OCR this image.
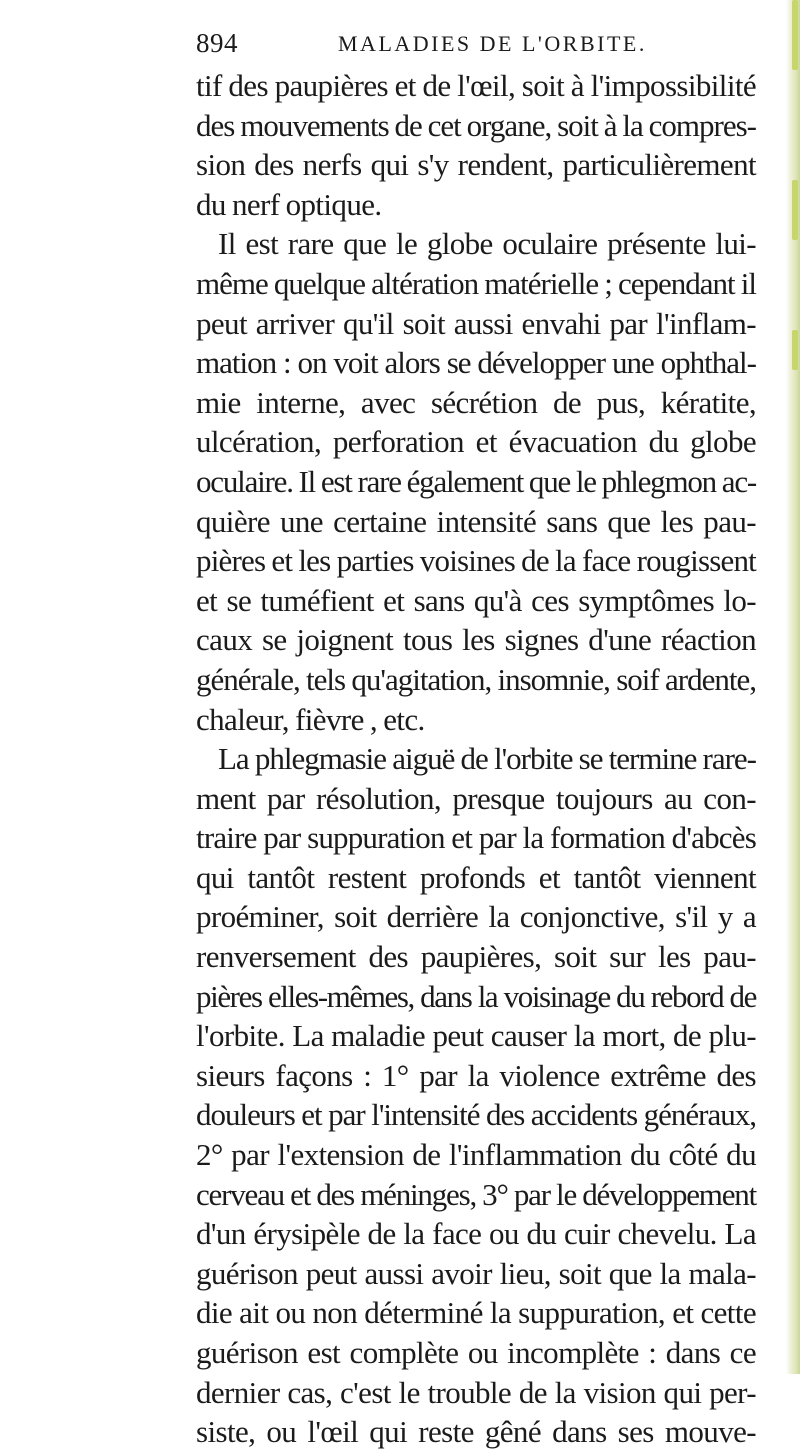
894	MALADIES DE L'ORBITE.
tif des paupières et de l'œil, soit à l'impossibilité
des mouvements de cet organe, soit à la compres-
sion des nerfs qui s'y rendent, particulièrement
du nerf optique.
Il est rare que le globe oculaire présente lui-
même quelque altération matérielle ; cependant il
peut arriver qu'il soit aussi envahi par l'inflam-
mation : on voit alors se développer une ophthal-
mie interne, avec sécrétion de pus, kératite,
ulcération, perforation et évacuation du globe
oculaire. Il est rare également que le phlegmon ac-
quière une certaine intensité sans que les pau-
pières et les parties voisines de la face rougissent
et se tuméfient et sans qu'à ces symptômes lo-
caux se joignent tous les signes d'une réaction
générale, tels qu'agitation, insomnie, soif ardente,
chaleur, fièvre , etc.
La phlegmasie aiguë de l'orbite se termine rare-
ment par résolution, presque toujours au con-
traire par suppuration et par la formation d'abcès
qui tantôt restent profonds et tantôt viennent
proéminer, soit derrière la conjonctive, s'il y a
renversement des paupières, soit sur les pau-
pières elles-mêmes, dans la voisinage du rebord de
l'orbite. La maladie peut causer la mort, de plu-
sieurs façons : 1° par la violence extrême des
douleurs et par l'intensité des accidents généraux,
2° par l'extension de l'inflammation du côté du
cerveau et des méninges, 3° par le développement
d'un érysipèle de la face ou du cuir chevelu. La
guérison peut aussi avoir lieu, soit que la mala-
die ait ou non déterminé la suppuration, et cette
guérison est complète ou incomplète : dans ce
dernier cas, c'est le trouble de la vision qui per-
siste, ou l'œil qui reste gêné dans ses mouve-
